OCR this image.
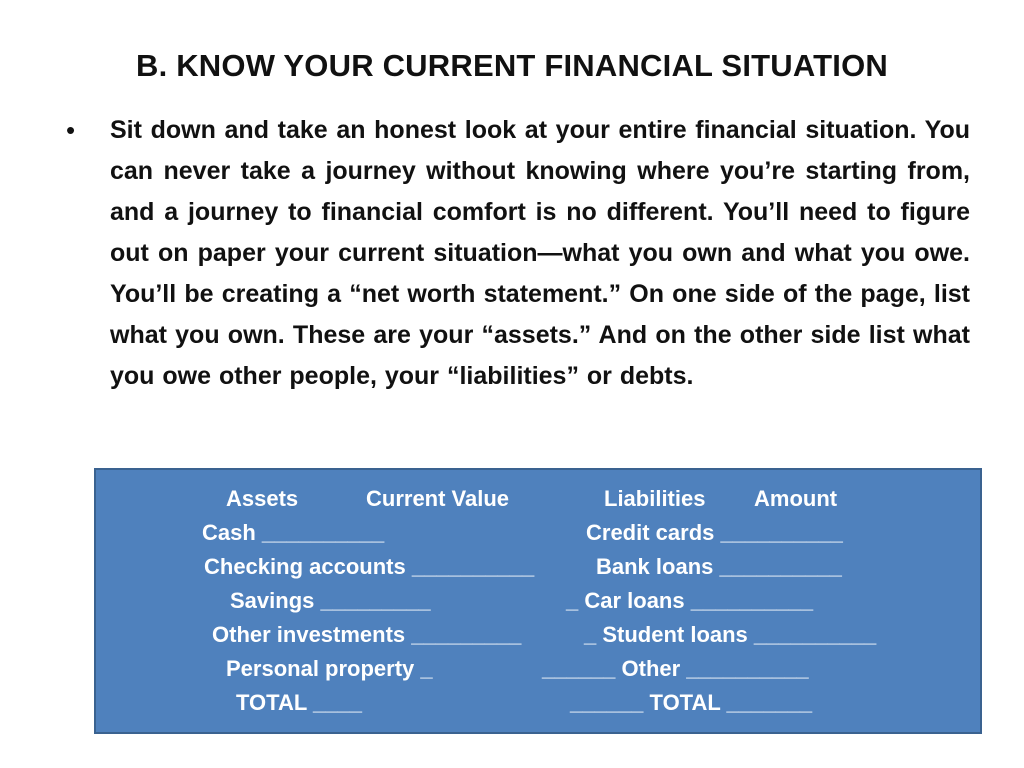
B. KNOW YOUR CURRENT FINANCIAL SITUATION
• Sit down and take an honest look at your entire financial situation. You can never take a journey without knowing where you’re starting from, and a journey to financial comfort is no different. You’ll need to figure out on paper your current situation—what you own and what you owe. You’ll be creating a “net worth statement.” On one side of the page, list what you own. These are your “assets.” And on the other side list what you owe other people, your “liabilities” or debts.
Assets	Current Value	Liabilities Amount
Cash __________	Credit cards __________
Checking accounts __________	Bank loans __________
Savings _________	_ Car loans __________
Other investments _________	_ Student loans __________
Personal property _	______ Other __________
TOTAL ____	______ TOTAL _______
